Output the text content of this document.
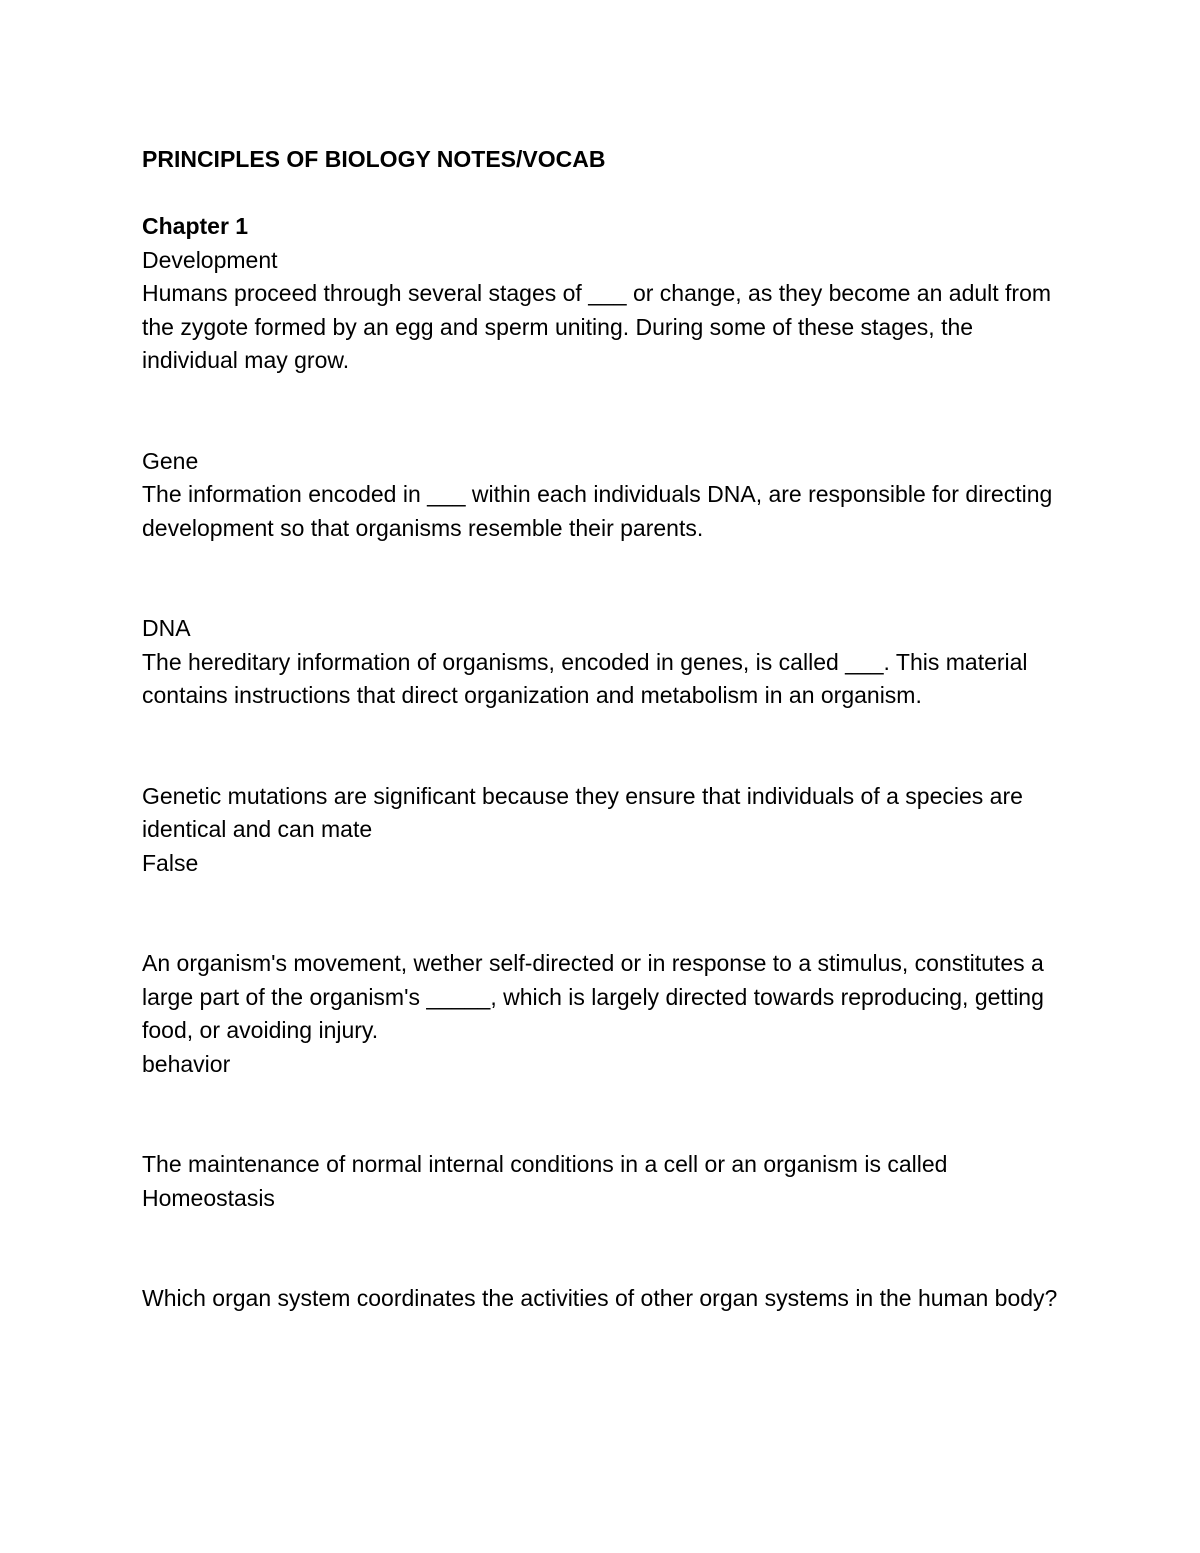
PRINCIPLES OF BIOLOGY NOTES/VOCAB

Chapter 1

Development

Humans proceed through several stages of ___ or change, as they become an adult from the zygote formed by an egg and sperm uniting. During some of these stages, the individual may grow.

Gene

The information encoded in ___ within each individuals DNA, are responsible for directing development so that organisms resemble their parents.

DNA

The hereditary information of organisms, encoded in genes, is called ___. This material contains instructions that direct organization and metabolism in an organism.

Genetic mutations are significant because they ensure that individuals of a species are identical and can mate

False

An organism's movement, wether self-directed or in response to a stimulus, constitutes a large part of the organism's _____, which is largely directed towards reproducing, getting food, or avoiding injury.

behavior

The maintenance of normal internal conditions in a cell or an organism is called

Homeostasis

Which organ system coordinates the activities of other organ systems in the human body?
